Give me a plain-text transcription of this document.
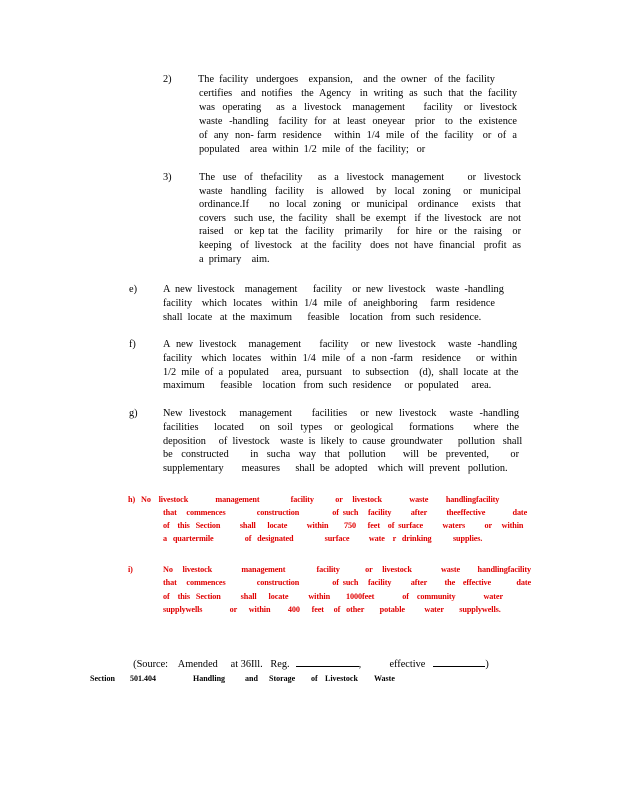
2)	The  facility   undergoes    expansion,    and  the  owner   of  the  facility
certifies   and  notifies   the  Agency   in  writing  as  such  that  the  facility
was  operating    as  a  livestock   management     facility   or  livestock
waste  -handling   facility  for  at  least  oneyear   prior   to  the  existence
of  any  non- farm  residence    within  1/4  mile  of  the  facility   or  of  a
populated    area  within  1/2  mile  of  the  facility;   or
3)	The  use  of  thefacility    as  a  livestock  management      or  livestock
waste  handling  facility   is  allowed   by  local  zoning   or  municipal
ordinance.If      no  local  zoning   or  municipal   ordinance    exists   that
covers   such  use,  the  facility   shall  be  exempt   if  the  livestock   are  not
raised   or  kep tat  the  facility   primarily    for  hire  or  the  raising   or
keeping   of  livestock   at  the  facility   does  not  have  financial   profit  as
a  primary    aim.
e)	A  new  livestock    management      facility    or  new  livestock    waste  -handling
facility   which  locates   within  1/4  mile  of  aneighboring    farm  residence
shall  locate   at  the  maximum      feasible    location   from  such  residence.
f)	A  new  livestock    management      facility    or  new  livestock    waste  -handling
facility   which  locates   within  1/4  mile  of  a  non -farm   residence     or  within
1/2  mile  of  a  populated     area,  pursuant    to  subsection    (d),  shall  locate  at  the
maximum      feasible    location   from  such  residence     or  populated     area.
g) New  livestock    management      facilities    or  new  livestock    waste  -handling
facilities    located    on  soil  types   or  geological    formations     where  the
deposition     of  livestock    waste  is  likely  to  cause  groundwater      pollution   shall
be  constructed     in  sucha  way  that  pollution    will  be  prevented,     or
supplementary       measures      shall  be  adopted    which  will  prevent   pollution.
h) No    livestock              management                facility           or     livestock              waste         handlingfacility
that     commences                construction                 of  such     facility          after          theeffective              date
of    this   Section          shall      locate          within        750      feet    of  surface          waters          or     within
a   quartermile                of   designated                surface          wate    r   drinking           supplies.
i)	No     livestock               management                facility             or     livestock               waste         handlingfacility
that     commences                construction                 of  such     facility          after         the    effective             date
of    this   Section          shall      locate          within        1000feet              of    community              water
supplywells              or      within         400      feet     of   other        potable          water        supplywells.

(Source:    Amended     at 36Ill.   Reg.	,           effective	)

Section 501.404	Handling and Storage of Livestock Waste
